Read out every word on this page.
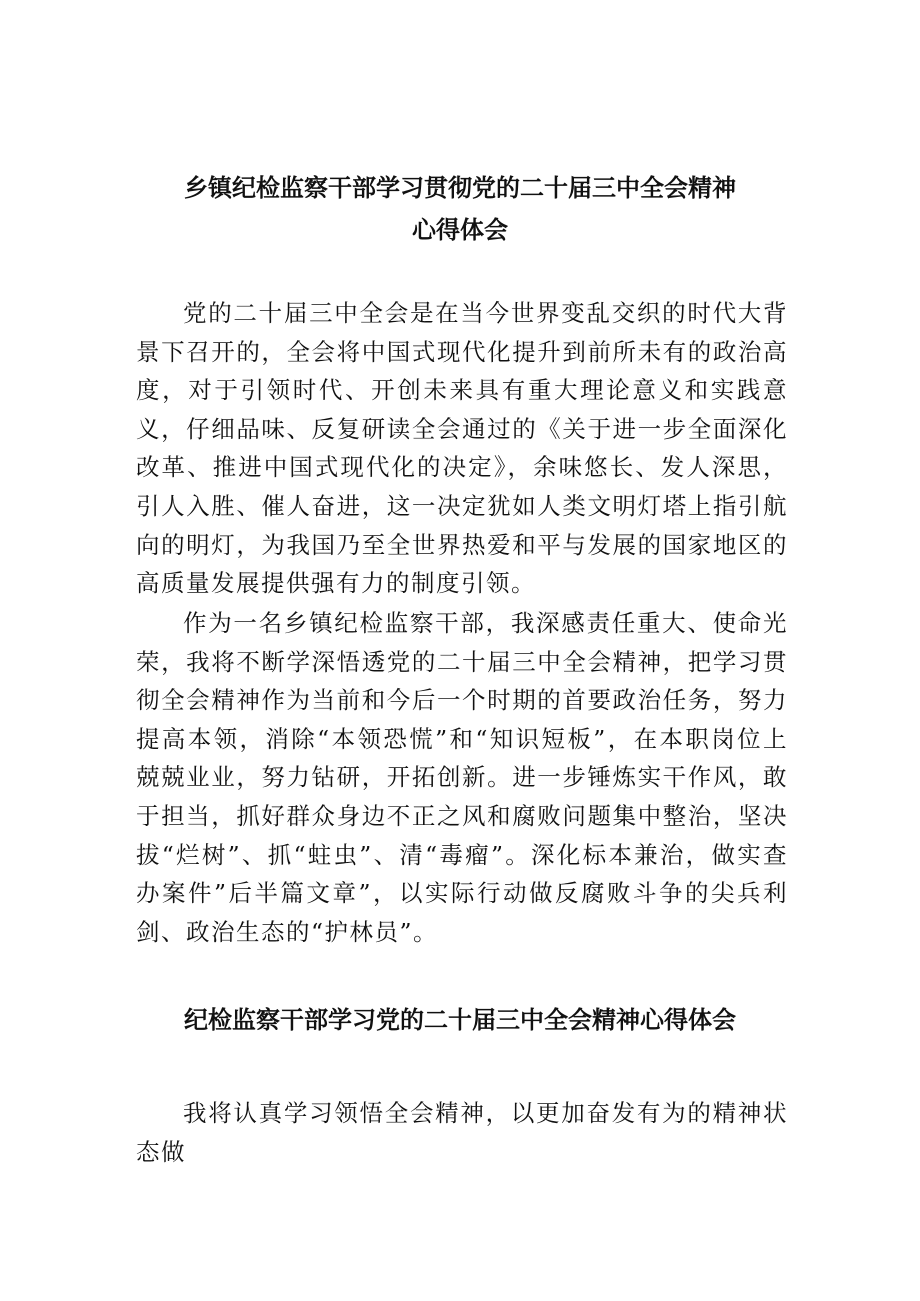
乡镇纪检监察干部学习贯彻党的二十届三中全会精神
心得体会

党的二十届三中全会是在当今世界变乱交织的时代大背景下召开的，全会将中国式现代化提升到前所未有的政治高度，对于引领时代、开创未来具有重大理论意义和实践意义，仔细品味、反复研读全会通过的《关于进一步全面深化改革、推进中国式现代化的决定》，余味悠长、发人深思，引人入胜、催人奋进，这一决定犹如人类文明灯塔上指引航向的明灯，为我国乃至全世界热爱和平与发展的国家地区的高质量发展提供强有力的制度引领。

作为一名乡镇纪检监察干部，我深感责任重大、使命光荣，我将不断学深悟透党的二十届三中全会精神，把学习贯彻全会精神作为当前和今后一个时期的首要政治任务，努力提高本领，消除“本领恐慌”和“知识短板”，在本职岗位上兢兢业业，努力钻研，开拓创新。进一步锤炼实干作风，敢于担当，抓好群众身边不正之风和腐败问题集中整治，坚决拔“烂树”、抓“蛀虫”、清“毒瘤”。深化标本兼治，做实查办案件”后半篇文章”，以实际行动做反腐败斗争的尖兵利剑、政治生态的“护林员”。

纪检监察干部学习党的二十届三中全会精神心得体会

我将认真学习领悟全会精神，以更加奋发有为的精神状态做
